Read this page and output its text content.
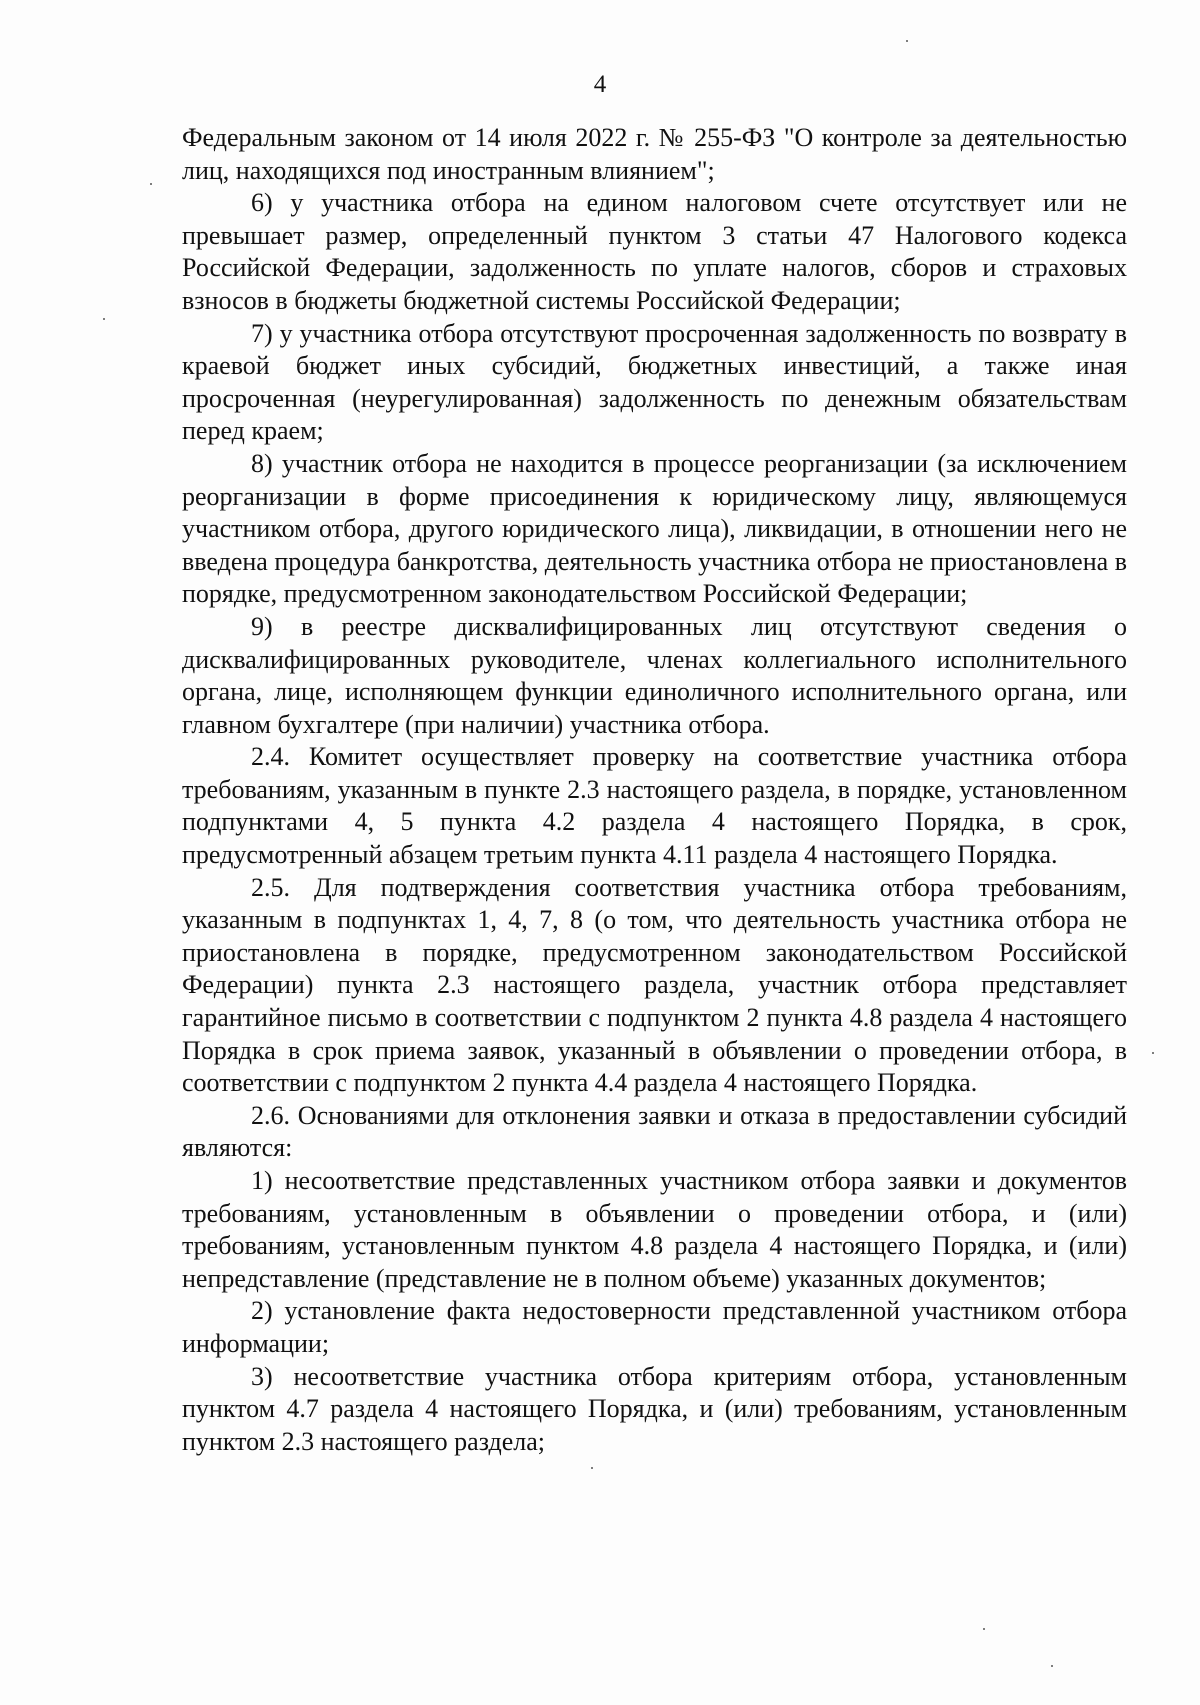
4

Федеральным законом от 14 июля 2022 г. № 255-ФЗ "О контроле за деятельностью лиц, находящихся под иностранным влиянием";

6) у участника отбора на едином налоговом счете отсутствует или не превышает размер, определенный пунктом 3 статьи 47 Налогового кодекса Российской Федерации, задолженность по уплате налогов, сборов и страховых взносов в бюджеты бюджетной системы Российской Федерации;

7) у участника отбора отсутствуют просроченная задолженность по возврату в краевой бюджет иных субсидий, бюджетных инвестиций, а также иная просроченная (неурегулированная) задолженность по денежным обязательствам перед краем;

8) участник отбора не находится в процессе реорганизации (за исключением реорганизации в форме присоединения к юридическому лицу, являющемуся участником отбора, другого юридического лица), ликвидации, в отношении него не введена процедура банкротства, деятельность участника отбора не приостановлена в порядке, предусмотренном законодательством Российской Федерации;

9) в реестре дисквалифицированных лиц отсутствуют сведения о дисквалифицированных руководителе, членах коллегиального исполнительного органа, лице, исполняющем функции единоличного исполнительного органа, или главном бухгалтере (при наличии) участника отбора.

2.4. Комитет осуществляет проверку на соответствие участника отбора требованиям, указанным в пункте 2.3 настоящего раздела, в порядке, установленном подпунктами 4, 5 пункта 4.2 раздела 4 настоящего Порядка, в срок, предусмотренный абзацем третьим пункта 4.11 раздела 4 настоящего Порядка.

2.5. Для подтверждения соответствия участника отбора требованиям, указанным в подпунктах 1, 4, 7, 8 (о том, что деятельность участника отбора не приостановлена в порядке, предусмотренном законодательством Российской Федерации) пункта 2.3 настоящего раздела, участник отбора представляет гарантийное письмо в соответствии с подпунктом 2 пункта 4.8 раздела 4 настоящего Порядка в срок приема заявок, указанный в объявлении о проведении отбора, в соответствии с подпунктом 2 пункта 4.4 раздела 4 настоящего Порядка.

2.6. Основаниями для отклонения заявки и отказа в предоставлении субсидий являются:

1) несоответствие представленных участником отбора заявки и документов требованиям, установленным в объявлении о проведении отбора, и (или) требованиям, установленным пунктом 4.8 раздела 4 настоящего Порядка, и (или) непредставление (представление не в полном объеме) указанных документов;

2) установление факта недостоверности представленной участником отбора информации;

3) несоответствие участника отбора критериям отбора, установленным пунктом 4.7 раздела 4 настоящего Порядка, и (или) требованиям, установленным пунктом 2.3 настоящего раздела;
